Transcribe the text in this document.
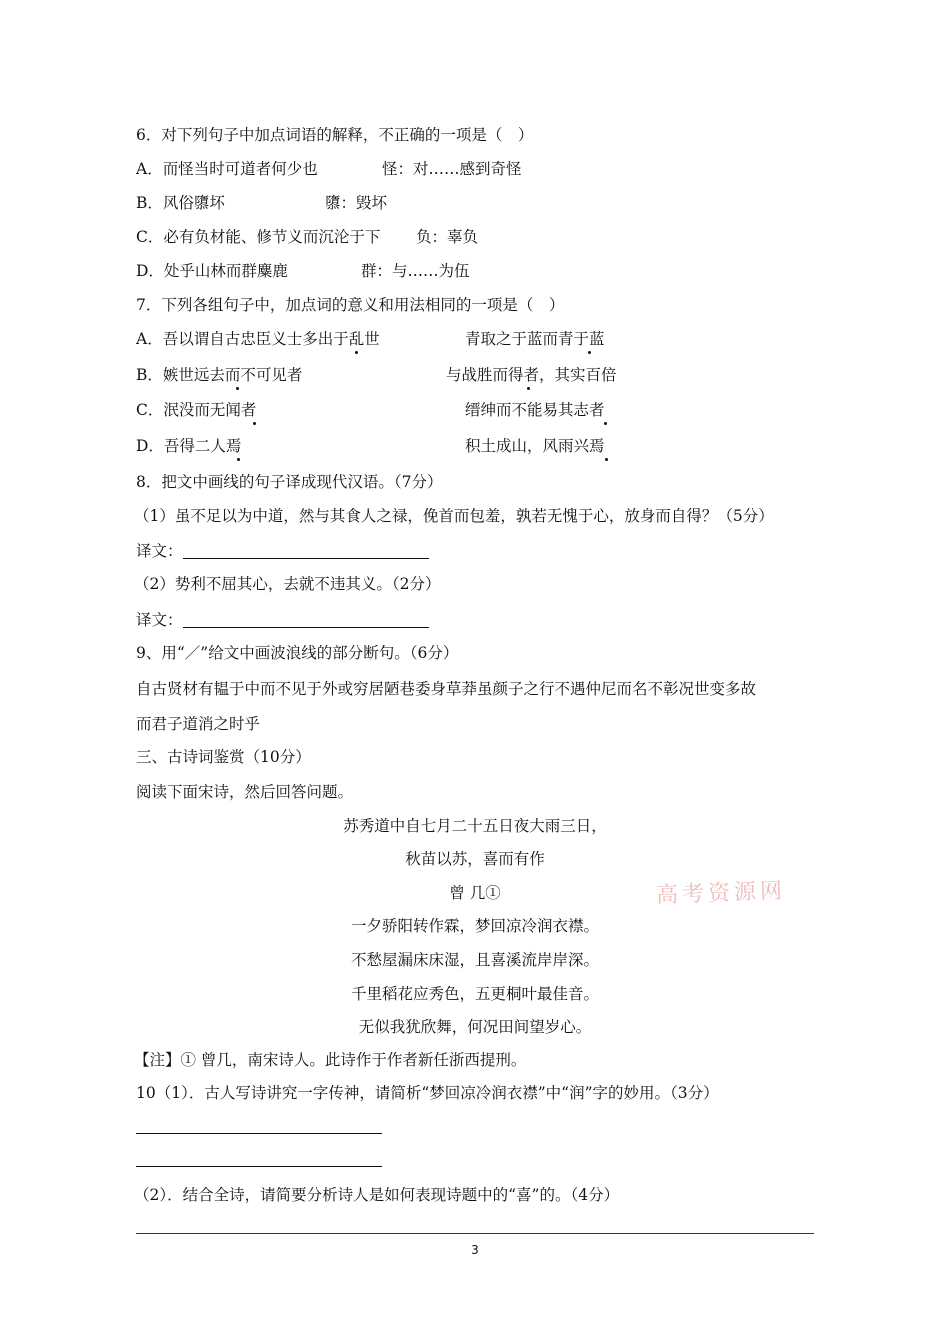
6．对下列句子中加点词语的解释，不正确的一项是（　）
A．而怪当时可道者何少也	怪：对……感到奇怪
B．风俗隳坏	隳：毁坏
C．必有负材能、修节义而沉沦于下 负：辜负
D．处乎山林而群麋鹿	群：与……为伍
7．下列各组句子中，加点词的意义和用法相同的一项是（　）
A．吾以谓自古忠臣义士多出于乱世	青取之于蓝而青于蓝
B．嫉世远去而不可见者	与战胜而得者，其实百倍
C．泯没而无闻者	缙绅而不能易其志者
D．吾得二人焉	积土成山，风雨兴焉
8．把文中画线的句子译成现代汉语。（7分）
（1）虽不足以为中道，然与其食人之禄，俛首而包羞，孰若无愧于心，放身而自得？（5分）
译文：
（2）势利不屈其心，去就不违其义。（2分）
译文：
9、用“／”给文中画波浪线的部分断句。（6分）
自古贤材有韫于中而不见于外或穷居陋巷委身草莽虽颜子之行不遇仲尼而名不彰况世变多故
而君子道消之时乎
三、古诗词鉴赏（10分）
阅读下面宋诗，然后回答问题。
苏秀道中自七月二十五日夜大雨三日，
秋苗以苏，喜而有作
曾 几①
一夕骄阳转作霖，梦回凉冷润衣襟。
不愁屋漏床床湿，且喜溪流岸岸深。
千里稻花应秀色，五更桐叶最佳音。
无似我犹欣舞，何况田间望岁心。
高考资源网
【注】① 曾几，南宋诗人。此诗作于作者新任浙西提刑。
10（1）．古人写诗讲究一字传神，请简析“梦回凉冷润衣襟”中“润”字的妙用。（3分）
（2）．结合全诗，请简要分析诗人是如何表现诗题中的“喜”的。（4分）
3
